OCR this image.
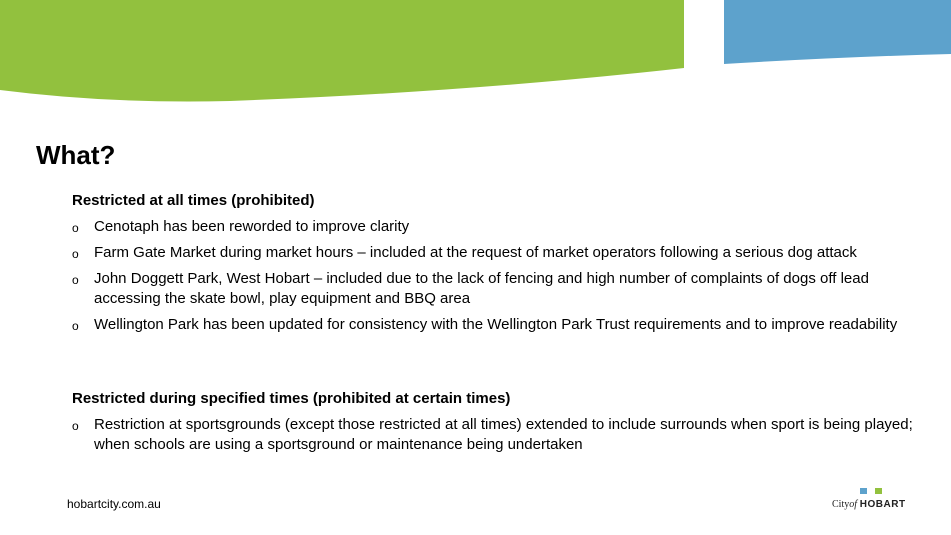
What?
Restricted at all times (prohibited)
o Cenotaph has been reworded to improve clarity
o Farm Gate Market during market hours – included at the request of market operators following a serious dog attack
o John Doggett Park, West Hobart – included due to the lack of fencing and high number of complaints of dogs off lead accessing the skate bowl, play equipment and BBQ area
o Wellington Park has been updated for consistency with the Wellington Park Trust requirements and to improve readability
Restricted during specified times (prohibited at certain times)
o Restriction at sportsgrounds (except those restricted at all times) extended to include surrounds when sport is being played; when schools are using a sportsground or maintenance being undertaken
hobartcity.com.au	Cityof HOBART
